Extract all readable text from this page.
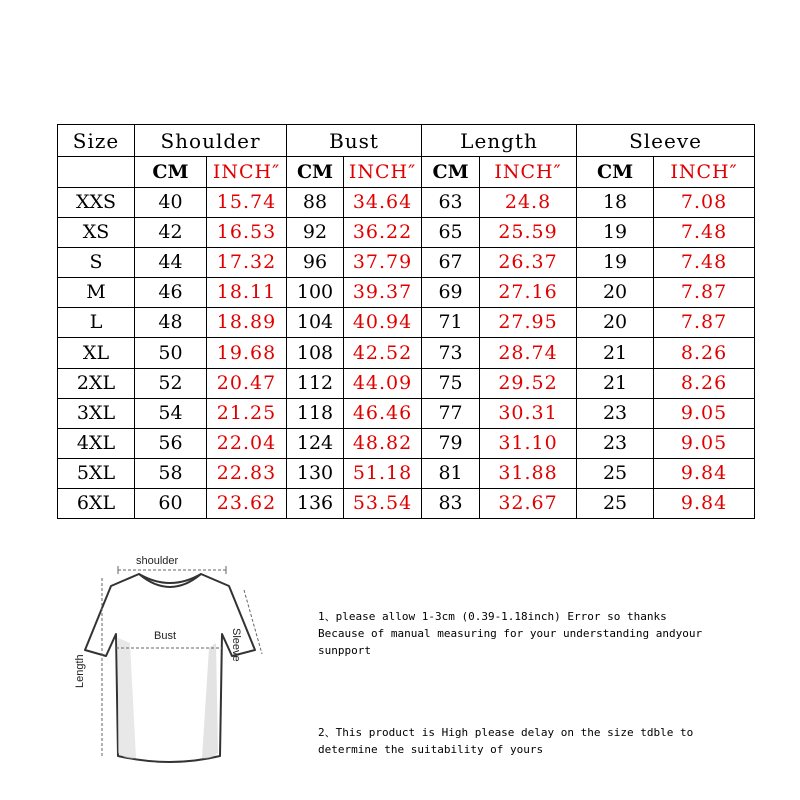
Size	Shoulder		Bust		Length		Sleeve	
	CM	INCH″	CM	INCH″	CM	INCH″	CM	INCH″
XXS	40	15.74	88	34.64	63	24.8	18	7.08
XS	42	16.53	92	36.22	65	25.59	19	7.48
S	44	17.32	96	37.79	67	26.37	19	7.48
M	46	18.11	100	39.37	69	27.16	20	7.87
L	48	18.89	104	40.94	71	27.95	20	7.87
XL	50	19.68	108	42.52	73	28.74	21	8.26
2XL	52	20.47	112	44.09	75	29.52	21	8.26
3XL	54	21.25	118	46.46	77	30.31	23	9.05
4XL	56	22.04	124	48.82	79	31.10	23	9.05
5XL	58	22.83	130	51.18	81	31.88	25	9.84
6XL	60	23.62	136	53.54	83	32.67	25	9.84
shoulder
Bust	Sleeve
Length
1、please allow 1-3cm (0.39-1.18inch) Error so thanks
Because of manual measuring for your understanding andyour
sunpport
2、This product is High please delay on the size tdble to
determine the suitability of yours
